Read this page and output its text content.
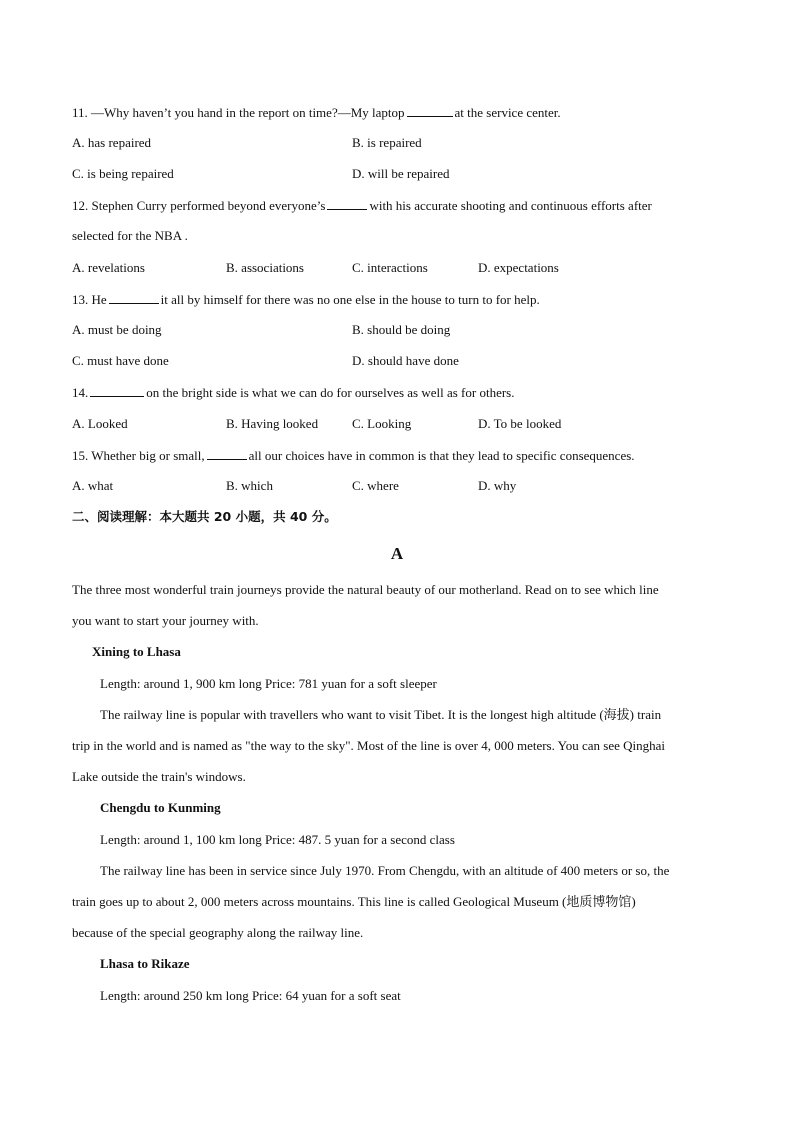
11. —Why haven’t you hand in the report on time?—My laptop	at the service center.
A. has repaired	B. is repaired
C. is being repaired	D. will be repaired
12. Stephen Curry performed beyond everyone’s	with his accurate shooting and continuous efforts after
selected for the NBA .
A. revelations	B. associations	C. interactions	D. expectations
13. He	it all by himself for there was no one else in the house to turn to for help.
A. must be doing	B. should be doing
C. must have done	D. should have done
14.	on the bright side is what we can do for ourselves as well as for others.
A. Looked	B. Having looked	C. Looking	D. To be looked
15. Whether big or small,	all our choices have in common is that they lead to specific consequences.
A. what	B. which	C. where	D. why
二、阅读理解：本大题共 20 小题，共 40 分。
A
The three most wonderful train journeys provide the natural beauty of our motherland. Read on to see which line
you want to start your journey with.
Xining to Lhasa
Length: around 1, 900 km long Price: 781 yuan for a soft sleeper
The railway line is popular with travellers who want to visit Tibet. It is the longest high altitude (海拔) train
trip in the world and is named as "the way to the sky". Most of the line is over 4, 000 meters. You can see Qinghai
Lake outside the train's windows.
Chengdu to Kunming
Length: around 1, 100 km long Price: 487. 5 yuan for a second class
The railway line has been in service since July 1970. From Chengdu, with an altitude of 400 meters or so, the
train goes up to about 2, 000 meters across mountains. This line is called Geological Museum (地质博物馆)
because of the special geography along the railway line.
Lhasa to Rikaze
Length: around 250 km long Price: 64 yuan for a soft seat
